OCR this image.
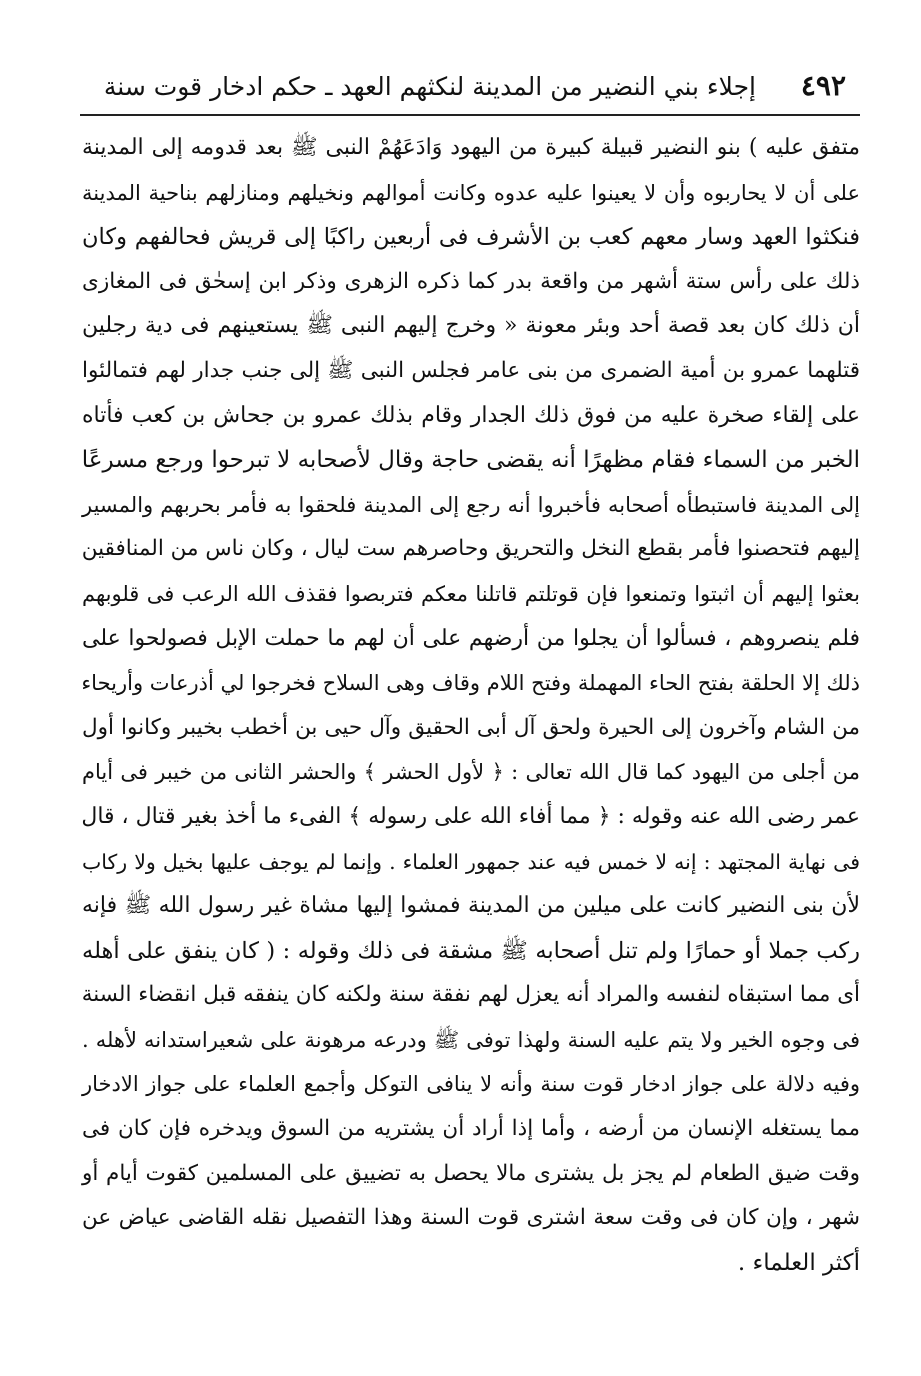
٤٩٢
إجلاء بني النضير من المدينة لنكثهم العهد ـ حكم ادخار قوت سنة
متفق عليه ) بنو النضير قبيلة كبيرة من اليهود وَادَعَهُمْ النبى ﷺ بعد قدومه إلى المدينة
على أن لا يحاربوه وأن لا يعينوا عليه عدوه وكانت أموالهم ونخيلهم ومنازلهم بناحية المدينة
فنكثوا العهد وسار معهم كعب بن الأشرف فى أربعين راكبًا إلى قريش فحالفهم وكان
ذلك على رأس ستة أشهر من واقعة بدر كما ذكره الزهرى وذكر ابن إسحٰق فى المغازى
أن ذلك كان بعد قصة أحد وبئر معونة « وخرج إليهم النبى ﷺ يستعينهم فى دية رجلين
قتلهما عمرو بن أمية الضمرى من بنى عامر فجلس النبى ﷺ إلى جنب جدار لهم فتمالئوا
على إلقاء صخرة عليه من فوق ذلك الجدار وقام بذلك عمرو بن جحاش بن كعب فأتاه
الخبر من السماء فقام مظهرًا أنه يقضى حاجة وقال لأصحابه لا تبرحوا ورجع مسرعًا
إلى المدينة فاستبطأه أصحابه فأخبروا أنه رجع إلى المدينة فلحقوا به فأمر بحربهم والمسير
إليهم فتحصنوا فأمر بقطع النخل والتحريق وحاصرهم ست ليال ، وكان ناس من المنافقين
بعثوا إليهم أن اثبتوا وتمنعوا فإن قوتلتم قاتلنا معكم فتربصوا فقذف الله الرعب فى قلوبهم
فلم ينصروهم ، فسألوا أن يجلوا من أرضهم على أن لهم ما حملت الإبل فصولحوا على
ذلك إلا الحلقة بفتح الحاء المهملة وفتح اللام وقاف وهى السلاح فخرجوا لي أذرعات وأريحاء
من الشام وآخرون إلى الحيرة ولحق آل أبى الحقيق وآل حيى بن أخطب بخيبر وكانوا أول
من أجلى من اليهود كما قال الله تعالى : ﴿ لأول الحشر ﴾ والحشر الثانى من خيبر فى أيام
عمر رضى الله عنه وقوله : ﴿ مما أفاء الله على رسوله ﴾ الفىء ما أخذ بغير قتال ، قال
فى نهاية المجتهد : إنه لا خمس فيه عند جمهور العلماء . وإنما لم يوجف عليها بخيل ولا ركاب
لأن بنى النضير كانت على ميلين من المدينة فمشوا إليها مشاة غير رسول الله ﷺ فإنه
ركب جملا أو حمارًا ولم تنل أصحابه ﷺ مشقة فى ذلك وقوله : ( كان ينفق على أهله
أى مما استبقاه لنفسه والمراد أنه يعزل لهم نفقة سنة ولكنه كان ينفقه قبل انقضاء السنة
فى وجوه الخير ولا يتم عليه السنة ولهذا توفى ﷺ ودرعه مرهونة على شعيراستدانه لأهله .
وفيه دلالة على جواز ادخار قوت سنة وأنه لا ينافى التوكل وأجمع العلماء على جواز الادخار
مما يستغله الإنسان من أرضه ، وأما إذا أراد أن يشتريه من السوق ويدخره فإن كان فى
وقت ضيق الطعام لم يجز بل يشترى مالا يحصل به تضييق على المسلمين كقوت أيام أو
شهر ، وإن كان فى وقت سعة اشترى قوت السنة وهذا التفصيل نقله القاضى عياض عن
أكثر العلماء .
